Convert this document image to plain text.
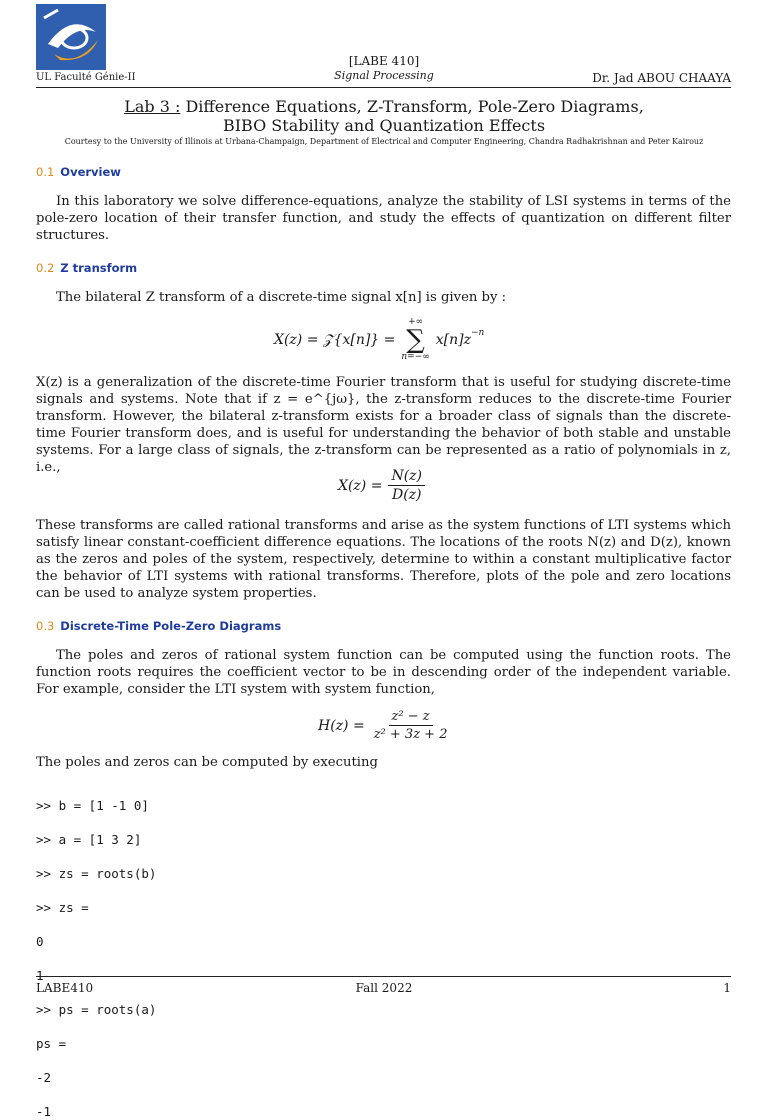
[LABE 410]
Signal Processing
UL Faculté Génie-II	Dr. Jad ABOU CHAAYA
Lab 3 : Difference Equations, Z-Transform, Pole-Zero Diagrams,
BIBO Stability and Quantization Effects
Courtesy to the University of Illinois at Urbana-Champaign, Department of Electrical and Computer Engineering, Chandra Radhakrishnan and Peter Kairouz
0.1 Overview
In this laboratory we solve difference-equations, analyze the stability of LSI systems in terms of the pole-zero location of their transfer function, and study the effects of quantization on different filter structures.
0.2 Z transform
The bilateral Z transform of a discrete-time signal x[n] is given by :
X(z) = 𝒵{x[n]} =
+∞
∑
n=−∞
$x[n]z^{-n}$
X(z) is a generalization of the discrete-time Fourier transform that is useful for studying discrete-time signals and systems. Note that if z = e^{jω}, the z-transform reduces to the discrete-time Fourier transform. However, the bilateral z-transform exists for a broader class of signals than the discrete-time Fourier transform does, and is useful for understanding the behavior of both stable and unstable systems. For a large class of signals, the z-transform can be represented as a ratio of polynomials in z, i.e.,
$X(z) = \frac{N(z)}{D(z)}$
These transforms are called rational transforms and arise as the system functions of LTI systems which satisfy linear constant-coefficient difference equations. The locations of the roots N(z) and D(z), known as the zeros and poles of the system, respectively, determine to within a constant multiplicative factor the behavior of LTI systems with rational transforms. Therefore, plots of the pole and zero locations can be used to analyze system properties.
0.3 Discrete-Time Pole-Zero Diagrams
The poles and zeros of rational system function can be computed using the function roots. The function roots requires the coefficient vector to be in descending order of the independent variable. For example, consider the LTI system with system function,
$H(z) = \frac{\text{z² − z}}{\text{z² + 3z + 2}}$
The poles and zeros can be computed by executing

>> b = [1 -1 0]

>> a = [1 3 2]

>> zs = roots(b)

>> zs =

0

>> ps = roots(a)

ps =

-2

-1
LABE410	Fall 2022	1
